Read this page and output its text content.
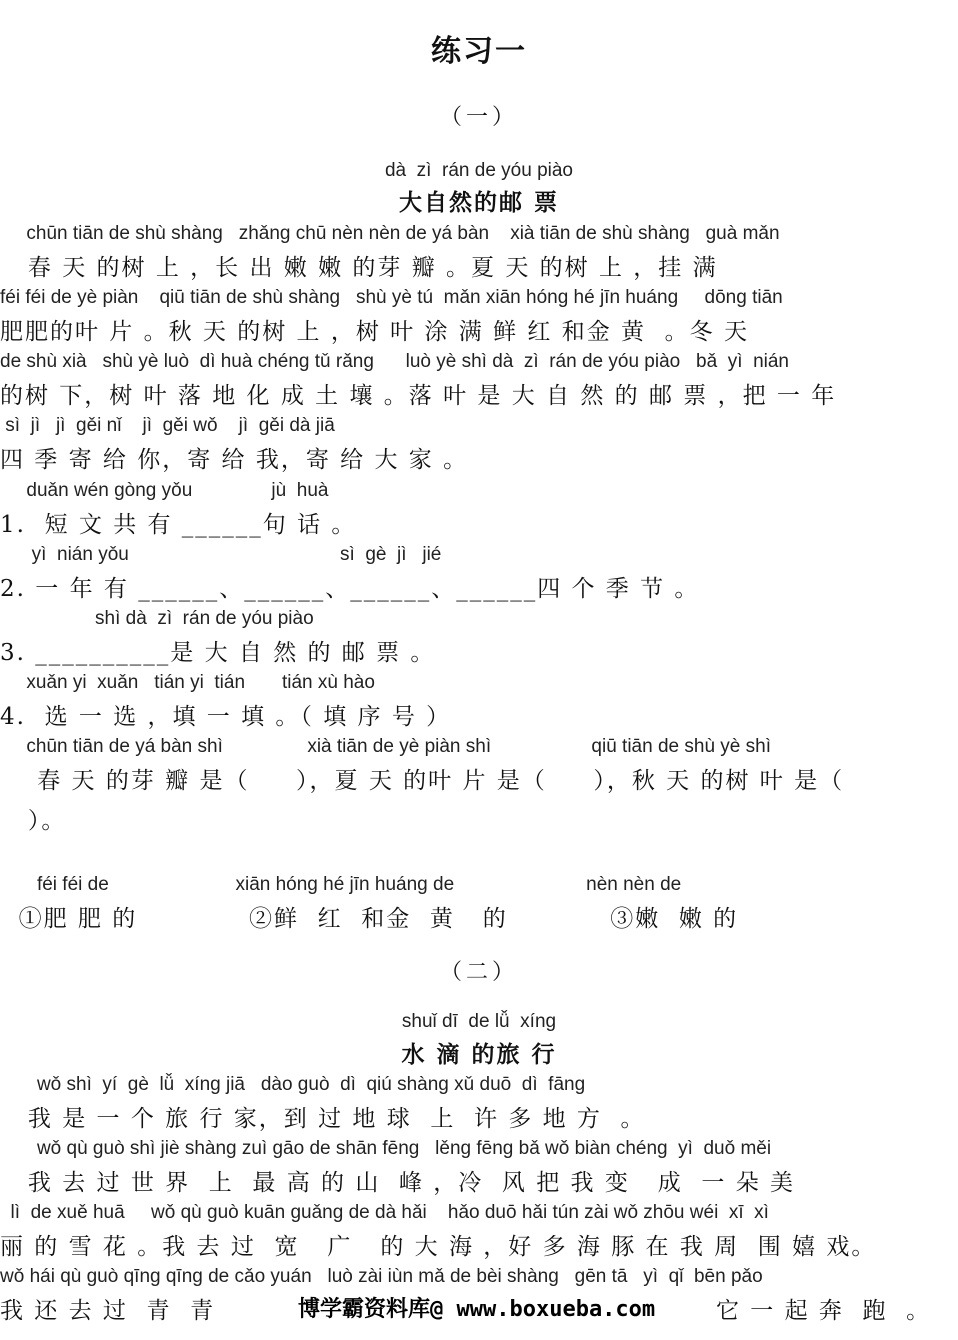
练习一
（一）
dà  zì  rán de yóu piào
大自然的邮 票
chūn tiān de shù shàng   zhǎng chū nèn nèn de yá bàn    xià tiān de shù shàng   guà mǎn
春 天 的树 上 ，长 出 嫩 嫩 的芽 瓣 。夏 天 的树 上 ，挂 满
féi féi de yè piàn    qiū tiān de shù shàng   shù yè tú  mǎn xiān hóng hé jīn huáng     dōng tiān
肥肥的叶 片 。秋 天 的树 上 ，树 叶 涂 满 鲜 红 和金 黄  。冬 天
de shù xià   shù yè luò  dì huà chéng tǔ rǎng      luò yè shì dà  zì  rán de yóu piào   bǎ  yì  nián
的树 下，树 叶 落 地 化 成 土 壤 。落 叶 是 大 自 然 的 邮 票 ，把 一 年
sì  jì   jì  gěi nǐ    jì  gěi wǒ    jì  gěi dà jiā
四 季 寄 给 你，寄 给 我，寄 给 大 家 。
duǎn wén gòng yǒu               jù  huà
1.  短 文 共 有 ______句 话 。
yì  nián yǒu                                        sì  gè  jì   jié
2. 一 年 有 ______、______、______、______四 个 季 节 。
shì dà  zì  rán de yóu piào
3. __________是 大 自 然 的 邮 票 。
xuǎn yi  xuǎn   tián yi  tián       tián xù hào
4.  选 一 选 ，填 一 填 。（ 填 序 号 ）
chūn tiān de yá bàn shì                xià tiān de yè piàn shì                   qiū tiān de shù yè shì
春 天 的芽 瓣 是（     ），夏 天 的叶 片 是（     ），秋 天 的树 叶 是（
）。
féi féi de                        xiān hóng hé jīn huáng de                         nèn nèn de
①肥 肥 的            ②鲜  红  和金  黄   的           ③嫩  嫩 的
（二）
shuǐ dī  de lǚ  xíng
水 滴 的旅 行
wǒ shì  yí  gè  lǚ  xíng jiā   dào guò  dì  qiú shàng xǔ duō  dì  fāng
我 是 一 个 旅 行 家，到 过 地 球  上  许 多 地 方  。
wǒ qù guò shì jiè shàng zuì gāo de shān fēng   lěng fēng bǎ wǒ biàn chéng  yì  duǒ měi
我 去 过 世 界  上  最 高 的 山  峰 ，冷  风 把 我 变   成  一 朵 美
lì  de xuě huā     wǒ qù guò kuān guǎng de dà hǎi    hǎo duō hǎi tún zài wǒ zhōu wéi  xī  xì
丽 的 雪 花 。我 去 过  宽   广   的 大 海 ，好 多 海 豚 在 我 周  围 嬉 戏。
wǒ hái qù guò qīng qīng de cǎo yuán   luò zài iùn mǎ de bèi shàng   gēn tā   yì  qǐ  bēn pǎo
我 还 去 过  青  青	它 一 起 奔  跑  。
博学霸资料库@ www.boxueba.com
